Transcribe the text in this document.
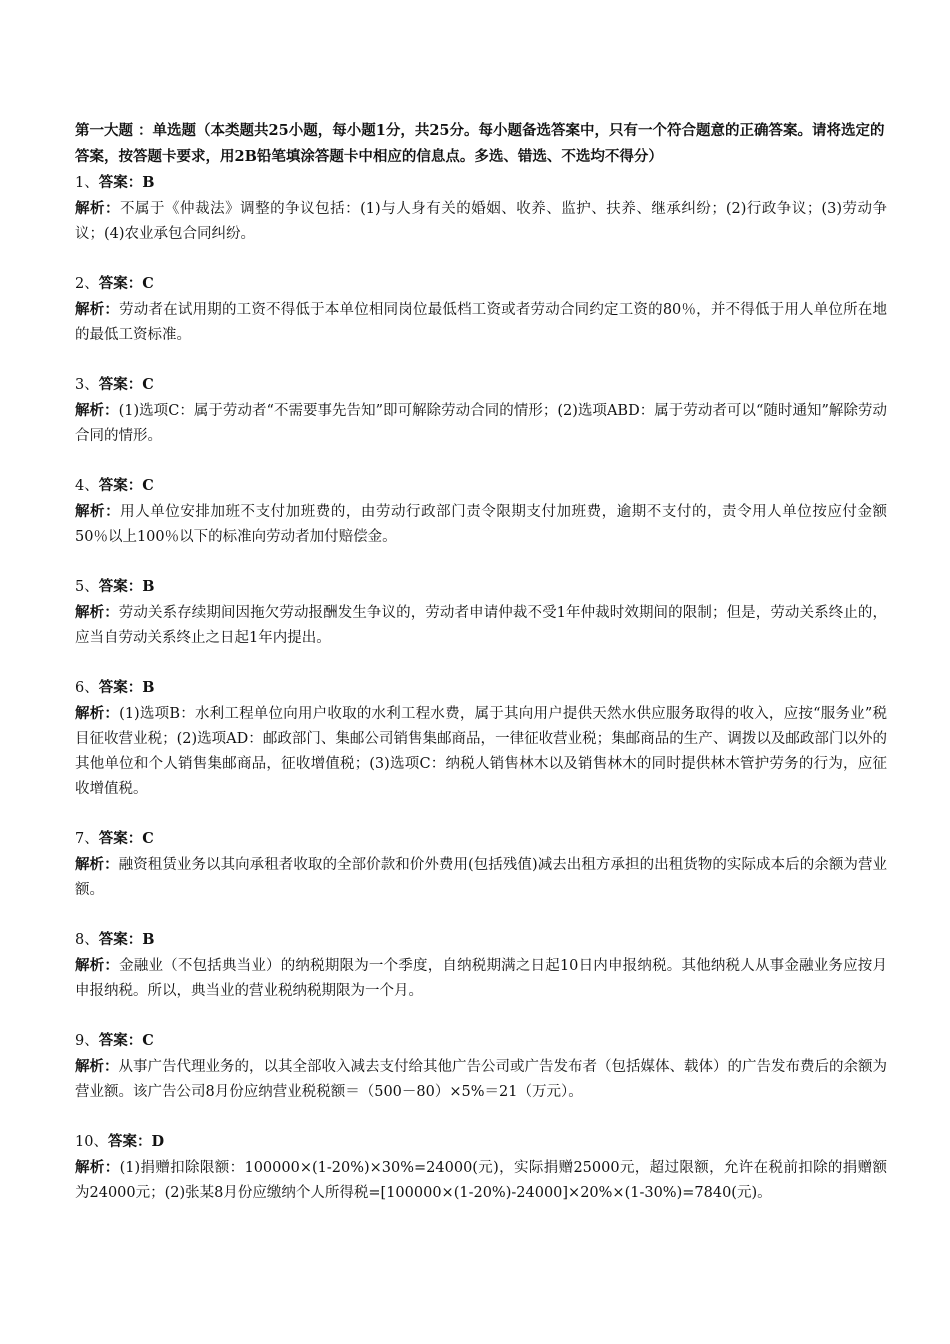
第一大题 ：单选题（本类题共25小题，每小题1分，共25分。每小题备选答案中，只有一个符合题意的正确答案。请将选定的答案，按答题卡要求，用2B铅笔填涂答题卡中相应的信息点。多选、错选、不选均不得分）

1、答案：B

解析：不属于《仲裁法》调整的争议包括：(1)与人身有关的婚姻、收养、监护、扶养、继承纠纷；(2)行政争议；(3)劳动争议；(4)农业承包合同纠纷。

2、答案：C

解析：劳动者在试用期的工资不得低于本单位相同岗位最低档工资或者劳动合同约定工资的80％，并不得低于用人单位所在地的最低工资标准。

3、答案：C

解析：(1)选项C：属于劳动者“不需要事先告知”即可解除劳动合同的情形；(2)选项ABD：属于劳动者可以“随时通知”解除劳动合同的情形。

4、答案：C

解析：用人单位安排加班不支付加班费的，由劳动行政部门责令限期支付加班费，逾期不支付的，责令用人单位按应付金额50％以上100％以下的标准向劳动者加付赔偿金。

5、答案：B

解析：劳动关系存续期间因拖欠劳动报酬发生争议的，劳动者申请仲裁不受1年仲裁时效期间的限制；但是，劳动关系终止的，应当自劳动关系终止之日起1年内提出。

6、答案：B

解析：(1)选项B：水利工程单位向用户收取的水利工程水费，属于其向用户提供天然水供应服务取得的收入，应按“服务业”税目征收营业税；(2)选项AD：邮政部门、集邮公司销售集邮商品，一律征收营业税；集邮商品的生产、调拨以及邮政部门以外的其他单位和个人销售集邮商品，征收增值税；(3)选项C：纳税人销售林木以及销售林木的同时提供林木管护劳务的行为，应征收增值税。

7、答案：C

解析：融资租赁业务以其向承租者收取的全部价款和价外费用(包括残值)减去出租方承担的出租货物的实际成本后的余额为营业额。

8、答案：B

解析：金融业（不包括典当业）的纳税期限为一个季度，自纳税期满之日起10日内申报纳税。其他纳税人从事金融业务应按月申报纳税。所以，典当业的营业税纳税期限为一个月。

9、答案：C

解析：从事广告代理业务的，以其全部收入减去支付给其他广告公司或广告发布者（包括媒体、载体）的广告发布费后的余额为营业额。该广告公司8月份应纳营业税税额＝（500－80）×5%＝21（万元）。

10、答案：D

解析：(1)捐赠扣除限额：100000×(1-20%)×30%=24000(元)，实际捐赠25000元，超过限额，允许在税前扣除的捐赠额为24000元；(2)张某8月份应缴纳个人所得税=[100000×(1-20%)-24000]×20%×(1-30%)=7840(元)。
